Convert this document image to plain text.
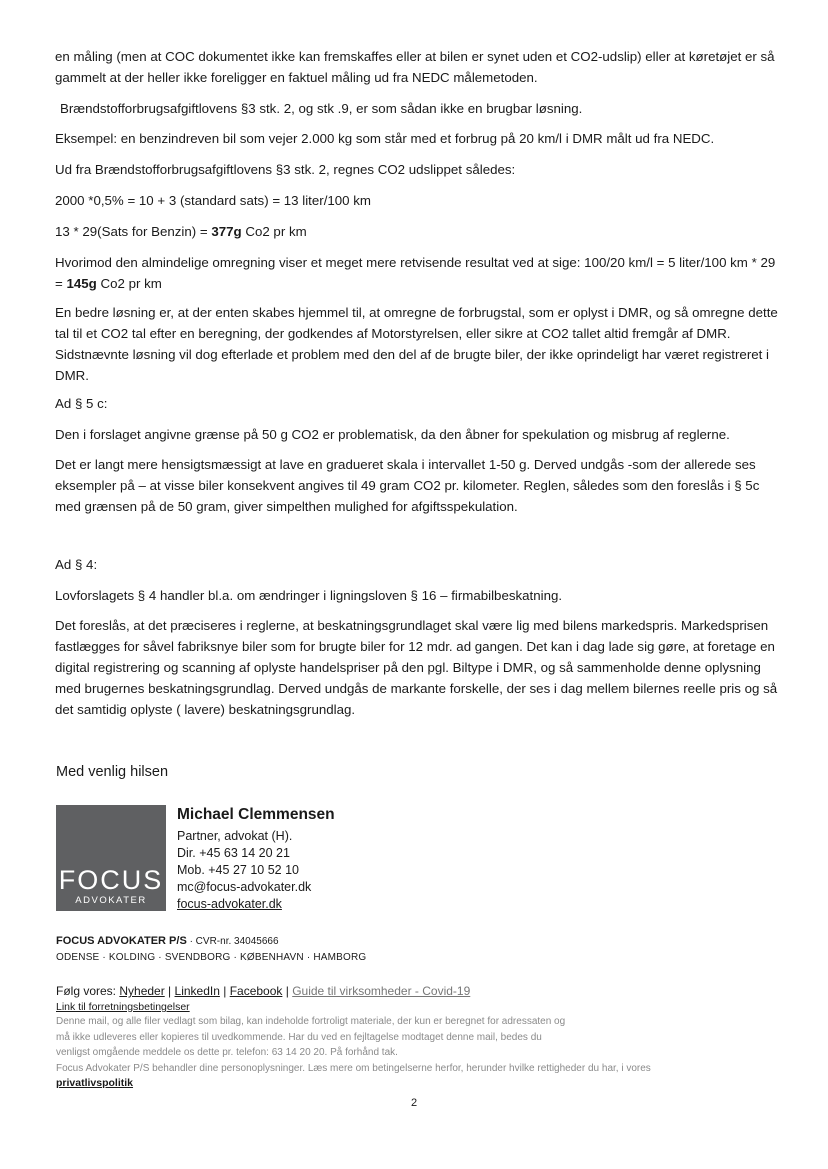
en måling (men at COC dokumentet ikke kan fremskaffes eller at bilen er synet uden et CO2-udslip) eller at køretøjet er så gammelt at der heller ikke foreligger en faktuel måling ud fra NEDC målemetoden.

Brændstofforbrugsafgiftlovens §3 stk. 2, og stk .9, er som sådan ikke en brugbar løsning.

Eksempel: en benzindreven bil som vejer 2.000 kg som står med et forbrug på 20 km/l i DMR målt ud fra NEDC.

Ud fra Brændstofforbrugsafgiftlovens §3 stk. 2, regnes CO2 udslippet således:

2000 *0,5% = 10 + 3 (standard sats) = 13 liter/100 km

13 * 29(Sats for Benzin) = 377g Co2 pr km

Hvorimod den almindelige omregning viser et meget mere retvisende resultat ved at sige: 100/20 km/l = 5 liter/100 km * 29 = 145g Co2 pr km

En bedre løsning er, at der enten skabes hjemmel til, at omregne de forbrugstal, som er oplyst i DMR, og så omregne dette tal til et CO2 tal efter en beregning, der godkendes af Motorstyrelsen, eller sikre at CO2 tallet altid fremgår af DMR. Sidstnævnte løsning vil dog efterlade et problem med den del af de brugte biler, der ikke oprindeligt har været registreret i DMR.

Ad § 5 c:

Den i forslaget angivne grænse på 50 g CO2 er problematisk, da den åbner for spekulation og misbrug af reglerne.

Det er langt mere hensigtsmæssigt at lave en gradueret skala i intervallet 1-50 g. Derved undgås -som der allerede ses eksempler på – at visse biler konsekvent angives til 49 gram CO2 pr. kilometer. Reglen, således som den foreslås i § 5c med grænsen på de 50 gram, giver simpelthen mulighed for afgiftsspekulation.

Ad § 4:

Lovforslagets § 4 handler bl.a. om ændringer i ligningsloven § 16 – firmabilbeskatning.

Det foreslås, at det præciseres i reglerne, at beskatningsgrundlaget skal være lig med bilens markedspris. Markedsprisen fastlægges for såvel fabriksnye biler som for brugte biler for 12 mdr. ad gangen. Det kan i dag lade sig gøre, at foretage en digital registrering og scanning af oplyste handelspriser på den pgl. Biltype i DMR, og så sammenholde denne oplysning med brugernes beskatningsgrundlag. Derved undgås de markante forskelle, der ses i dag mellem bilernes reelle pris og så det samtidig oplyste ( lavere) beskatningsgrundlag.

Med venlig hilsen
FOCUS
ADVOKATER
Michael Clemmensen
Partner, advokat (H).
Dir. +45 63 14 20 21
Mob. +45 27 10 52 10
mc@focus-advokater.dk
focus-advokater.dk
FOCUS ADVOKATER P/S · CVR-nr. 34045666
ODENSE · KOLDING · SVENDBORG · KØBENHAVN · HAMBORG
Følg vores: Nyheder | LinkedIn | Facebook | Guide til virksomheder - Covid-19
Link til forretningsbetingelser
Denne mail, og alle filer vedlagt som bilag, kan indeholde fortroligt materiale, der kun er beregnet for adressaten og
må ikke udleveres eller kopieres til uvedkommende. Har du ved en fejltagelse modtaget denne mail, bedes du
venligst omgående meddele os dette pr. telefon: 63 14 20 20. På forhånd tak.
Focus Advokater P/S behandler dine personoplysninger. Læs mere om betingelserne herfor, herunder hvilke rettigheder du har, i vores
privatlivspolitik
2
